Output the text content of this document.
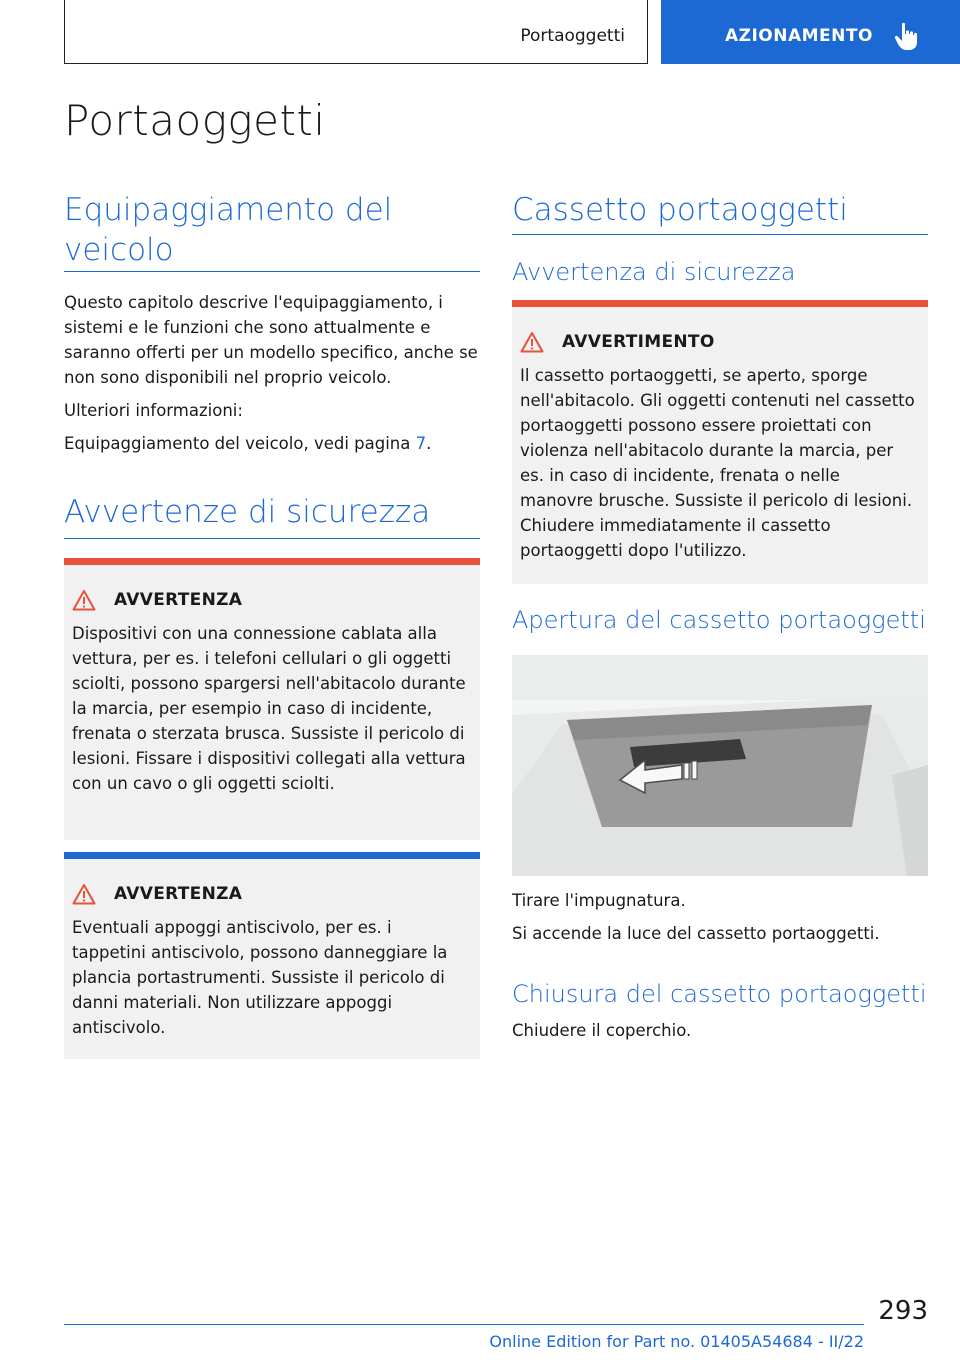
Portaoggetti	AZIONAMENTO
Portaoggetti
Equipaggiamento del veicolo

Questo capitolo descrive l'equipaggiamento, i sistemi e le funzioni che sono attualmente e saranno offerti per un modello specifico, anche se non sono disponibili nel proprio veicolo.

Ulteriori informazioni:

Equipaggiamento del veicolo, vedi pagina 7.

Avvertenze di sicurezza
AVVERTENZA
Dispositivi con una connessione cablata alla vettura, per es. i telefoni cellulari o gli oggetti sciolti, possono spargersi nell'abitacolo durante la marcia, per esempio in caso di incidente, frenata o sterzata brusca. Sussiste il pericolo di lesioni. Fissare i dispositivi collegati alla vettura con un cavo o gli oggetti sciolti.
AVVERTENZA
Eventuali appoggi antiscivolo, per es. i tappetini antiscivolo, possono danneggiare la plancia portastrumenti. Sussiste il pericolo di danni materiali. Non utilizzare appoggi antiscivolo.
Cassetto portaoggetti
Avvertenza di sicurezza
AVVERTIMENTO
Il cassetto portaoggetti, se aperto, sporge nell'abitacolo. Gli oggetti contenuti nel cassetto portaoggetti possono essere proiettati con violenza nell'abitacolo durante la marcia, per es. in caso di incidente, frenata o nelle manovre brusche. Sussiste il pericolo di lesioni. Chiudere immediatamente il cassetto portaoggetti dopo l'utilizzo.
Apertura del cassetto portaoggetti

Tirare l'impugnatura.

Si accende la luce del cassetto portaoggetti.

Chiusura del cassetto portaoggetti
Chiudere il coperchio.
293
Online Edition for Part no. 01405A54684 - II/22
